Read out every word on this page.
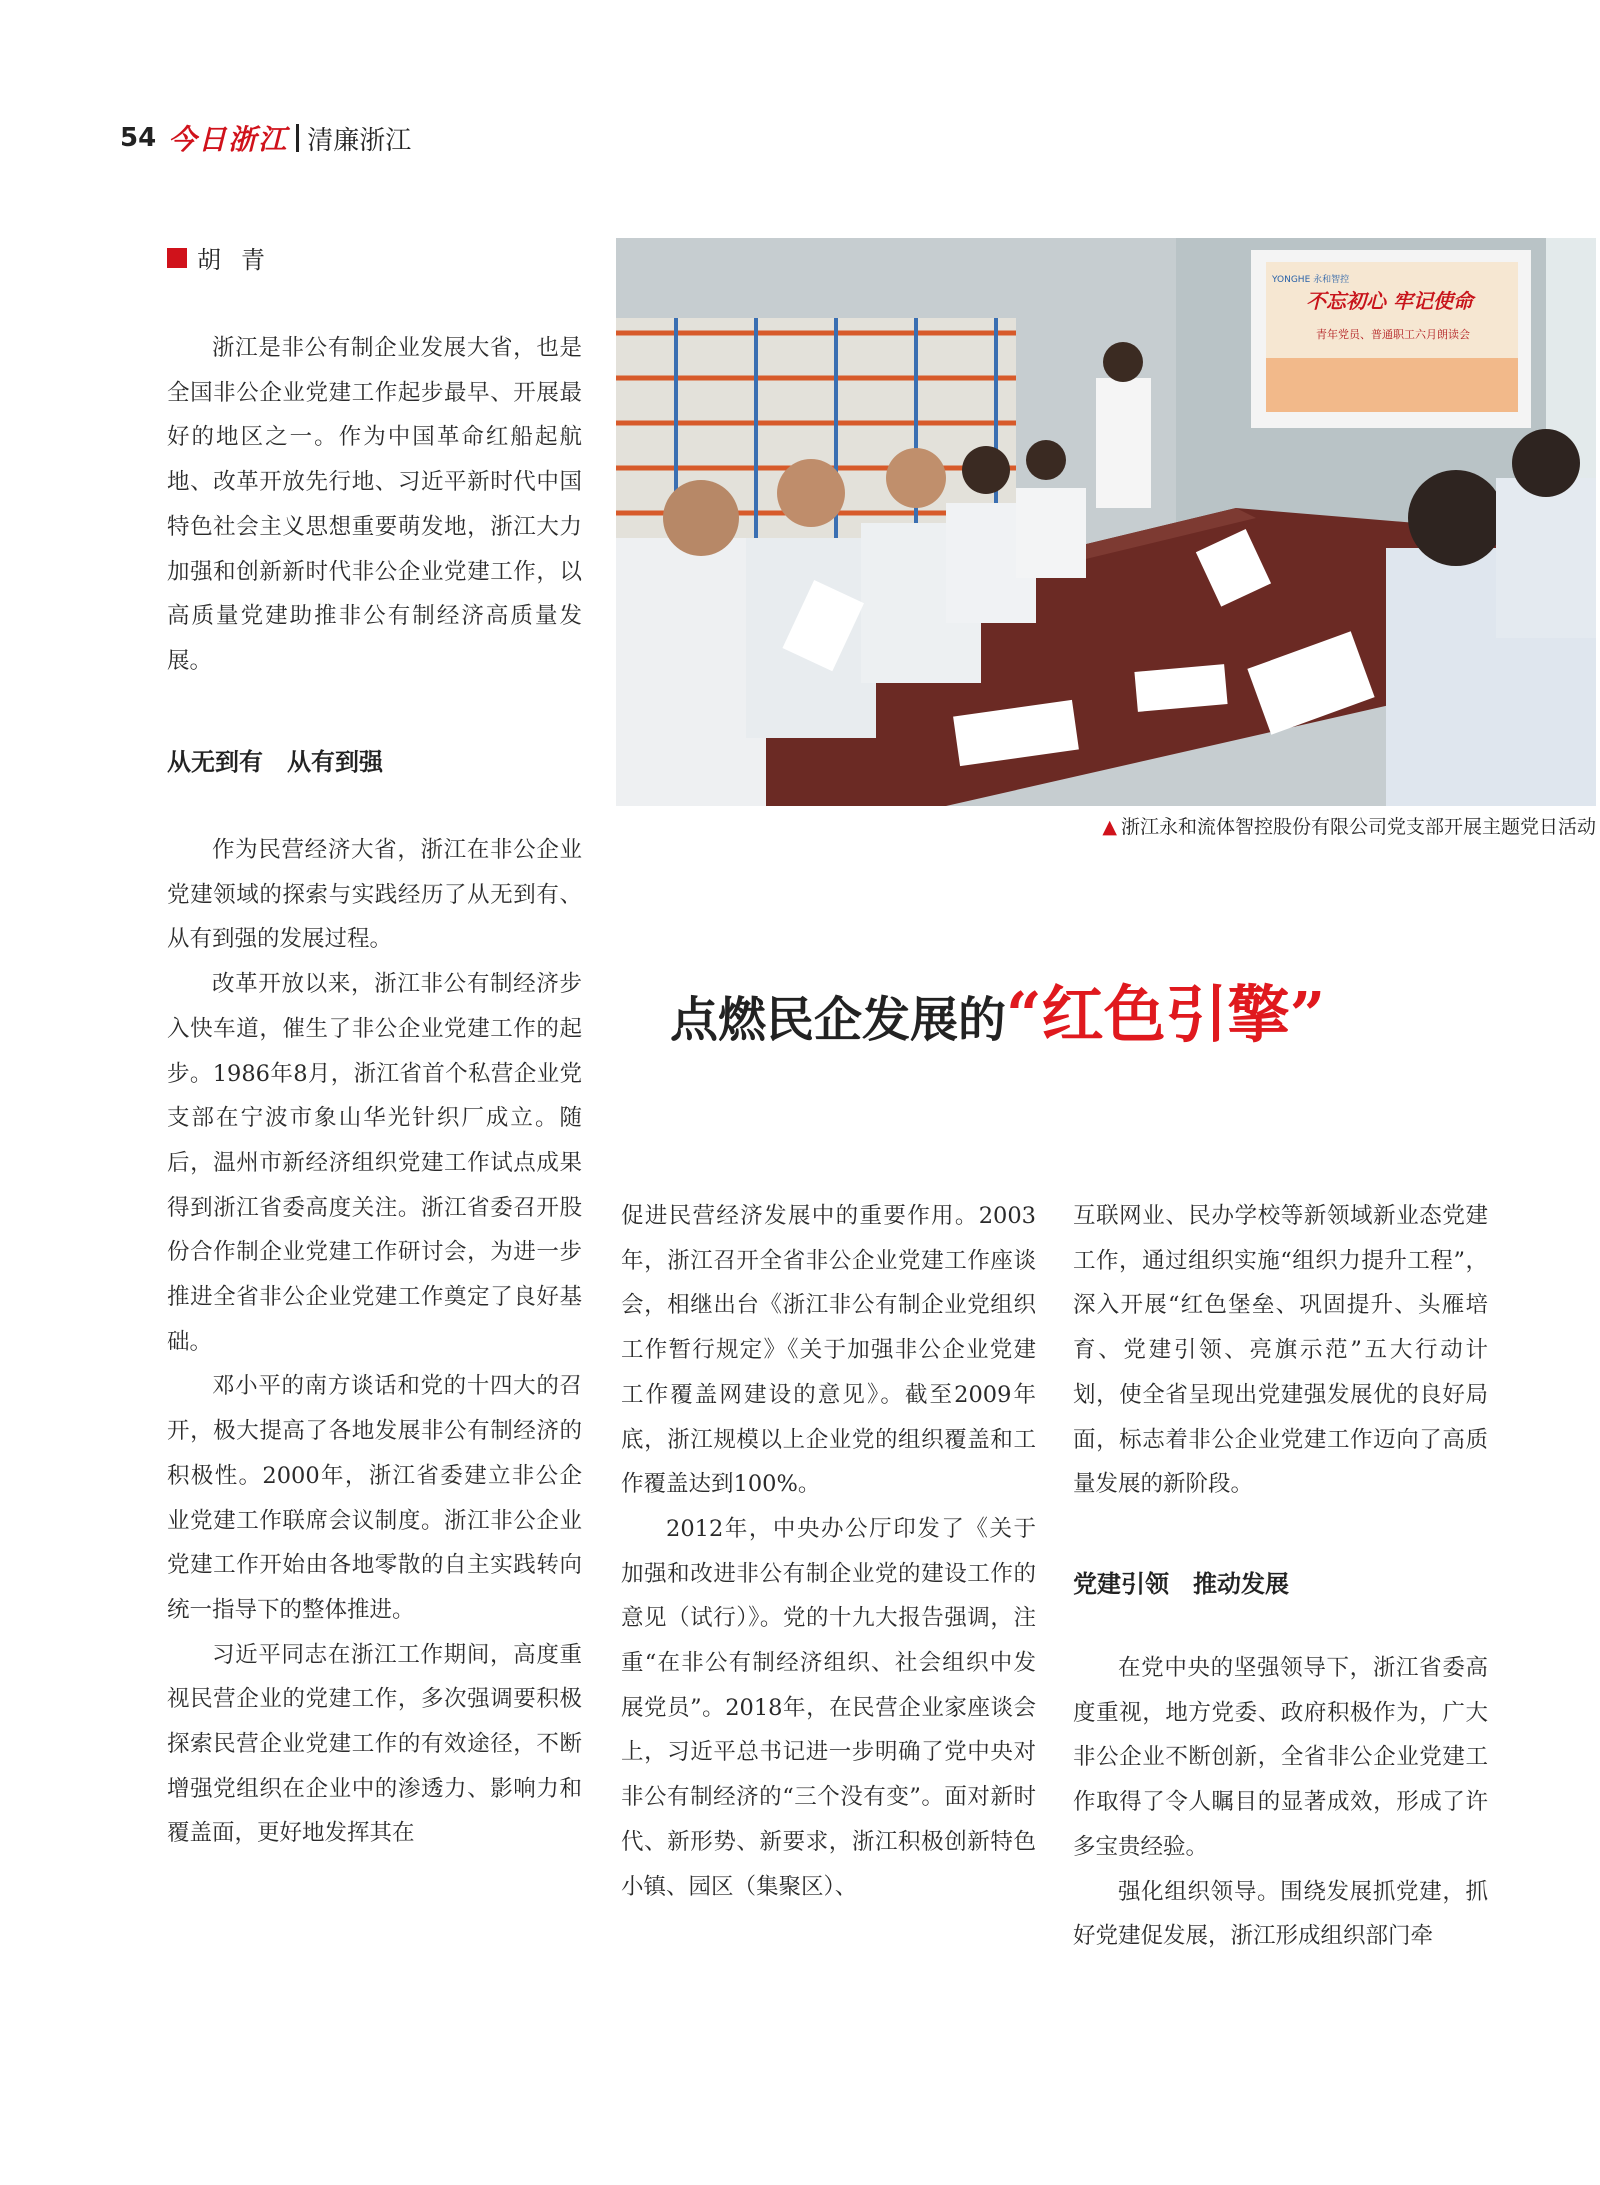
54 今日浙江 清廉浙江
胡青

浙江是非公有制企业发展大省，也是全国非公企业党建工作起步最早、开展最好的地区之一。作为中国革命红船起航地、改革开放先行地、习近平新时代中国特色社会主义思想重要萌发地，浙江大力加强和创新新时代非公企业党建工作，以高质量党建助推非公有制经济高质量发展。

从无到有　从有到强

作为民营经济大省，浙江在非公企业党建领域的探索与实践经历了从无到有、从有到强的发展过程。

改革开放以来，浙江非公有制经济步入快车道，催生了非公企业党建工作的起步。1986年8月，浙江省首个私营企业党支部在宁波市象山华光针织厂成立。随后，温州市新经济组织党建工作试点成果得到浙江省委高度关注。浙江省委召开股份合作制企业党建工作研讨会，为进一步推进全省非公企业党建工作奠定了良好基础。

邓小平的南方谈话和党的十四大的召开，极大提高了各地发展非公有制经济的积极性。2000年，浙江省委建立非公企业党建工作联席会议制度。浙江非公企业党建工作开始由各地零散的自主实践转向统一指导下的整体推进。

习近平同志在浙江工作期间，高度重视民营企业的党建工作，多次强调要积极探索民营企业党建工作的有效途径，不断增强党组织在企业中的渗透力、影响力和覆盖面，更好地发挥其在

不忘初心 牢记使命
青年党员、普通职工六月朗读会
YONGHE 永和智控
▲ 浙江永和流体智控股份有限公司党支部开展主题党日活动
点燃民企发展的 “红色引擎”

促进民营经济发展中的重要作用。2003年，浙江召开全省非公企业党建工作座谈会，相继出台《浙江非公有制企业党组织工作暂行规定》《关于加强非公企业党建工作覆盖网建设的意见》。截至2009年底，浙江规模以上企业党的组织覆盖和工作覆盖达到100%。

2012年，中央办公厅印发了《关于加强和改进非公有制企业党的建设工作的意见（试行）》。党的十九大报告强调，注重“在非公有制经济组织、社会组织中发展党员”。2018年，在民营企业家座谈会上，习近平总书记进一步明确了党中央对非公有制经济的“三个没有变”。面对新时代、新形势、新要求，浙江积极创新特色小镇、园区（集聚区）、

互联网业、民办学校等新领域新业态党建工作，通过组织实施“组织力提升工程”，深入开展“红色堡垒、巩固提升、头雁培育、党建引领、亮旗示范”五大行动计划，使全省呈现出党建强发展优的良好局面，标志着非公企业党建工作迈向了高质量发展的新阶段。

党建引领　推动发展

在党中央的坚强领导下，浙江省委高度重视，地方党委、政府积极作为，广大非公企业不断创新，全省非公企业党建工作取得了令人瞩目的显著成效，形成了许多宝贵经验。

强化组织领导。围绕发展抓党建，抓好党建促发展，浙江形成组织部门牵
